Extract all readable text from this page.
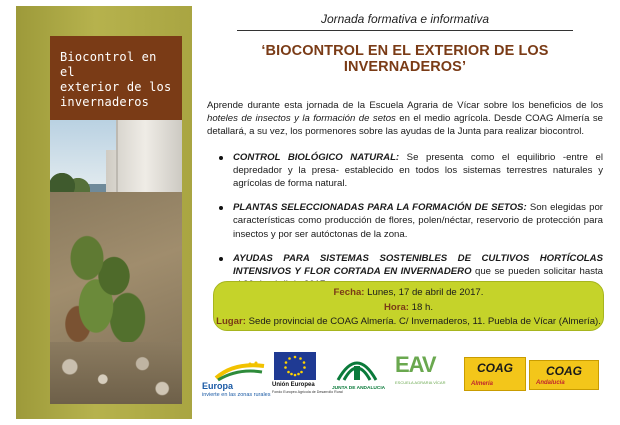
Biocontrol en el
exterior de los
invernaderos
Jornada formativa e informativa
‘BIOCONTROL EN EL EXTERIOR DE LOS INVERNADEROS’

Aprende durante esta jornada de la Escuela Agraria de Vícar sobre los beneficios de los hoteles de insectos y la formación de setos en el medio agrícola. Desde COAG Almería se detallará, a su vez, los pormenores sobre las ayudas de la Junta para realizar biocontrol.

CONTROL BIOLÓGICO NATURAL: Se presenta como el equilibrio -entre el depredador y la presa- establecido en todos los sistemas terrestres naturales y agrícolas de forma natural.
PLANTAS SELECCIONADAS PARA LA FORMACIÓN DE SETOS: Son elegidas por características como producción de flores, polen/néctar, reservorio de protección para insectos y por ser autóctonas de la zona.
AYUDAS PARA SISTEMAS SOSTENIBLES DE CULTIVOS HORTÍCOLAS INTENSIVOS Y FLOR CORTADA EN INVERNADERO que se pueden solicitar hasta
Fecha: Lunes, 17 de abril de 2017.
Hora: 18 h.
Lugar: Sede provincial de COAG Almería. C/ Invernaderos, 11. Puebla de Vícar (Almería).
Europa
invierte en las zonas rurales
Unión Europea
Fondo Europeo Agrícola de Desarrollo Rural
JUNTA DE ANDALUCIA
EAV
ESCUELA AGRARIA VÍCAR
COAG
Almería
COAG
Andalucía
